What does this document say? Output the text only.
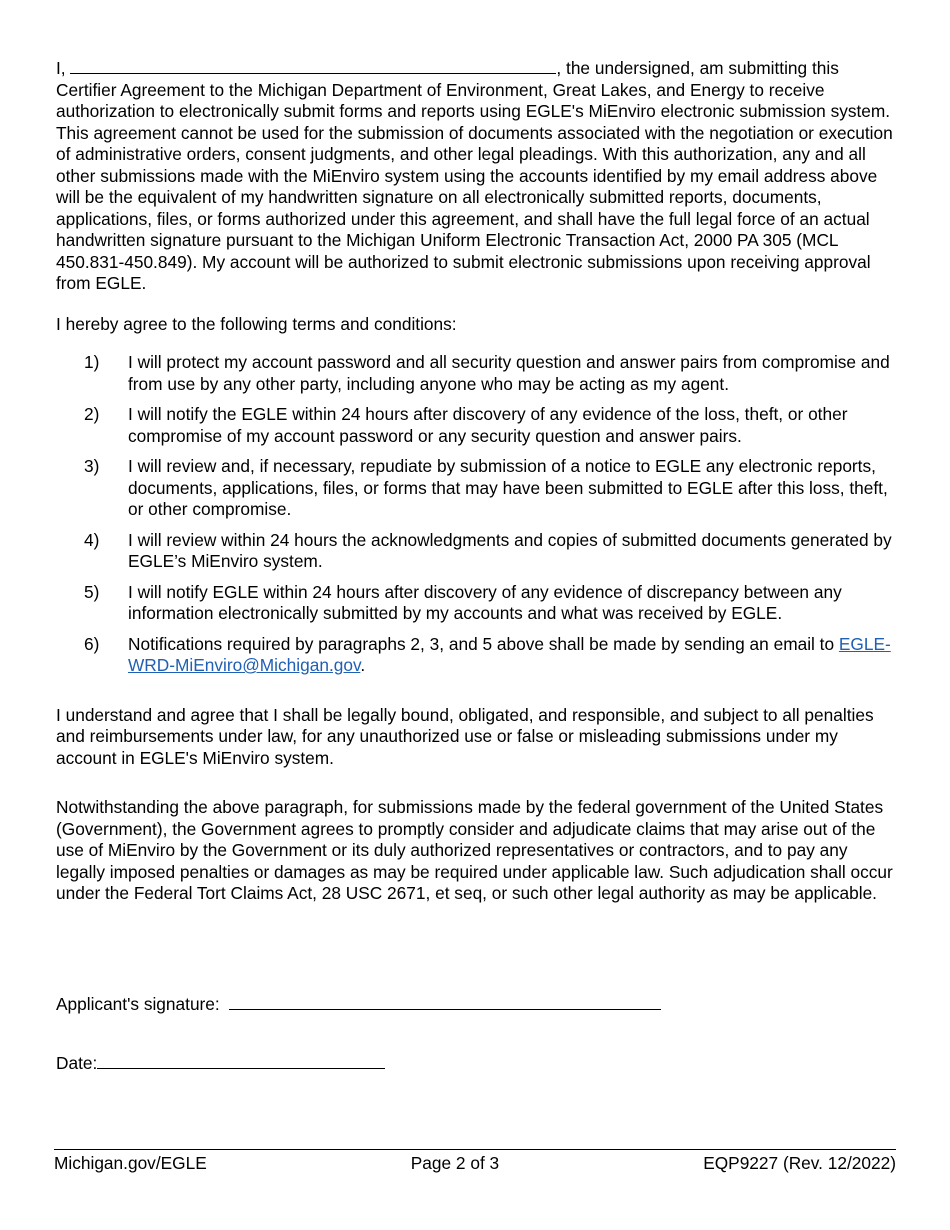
I,	, the undersigned, am submitting this Certifier Agreement to the Michigan Department of Environment, Great Lakes, and Energy to receive authorization to electronically submit forms and reports using EGLE's MiEnviro electronic submission system. This agreement cannot be used for the submission of documents associated with the negotiation or execution of administrative orders, consent judgments, and other legal pleadings. With this authorization, any and all other submissions made with the MiEnviro system using the accounts identified by my email address above will be the equivalent of my handwritten signature on all electronically submitted reports, documents, applications, files, or forms authorized under this agreement, and shall have the full legal force of an actual handwritten signature pursuant to the Michigan Uniform Electronic Transaction Act, 2000 PA 305 (MCL 450.831-450.849). My account will be authorized to submit electronic submissions upon receiving approval from EGLE.

I hereby agree to the following terms and conditions:

1) I will protect my account password and all security question and answer pairs from compromise and from use by any other party, including anyone who may be acting as my agent.
2) I will notify the EGLE within 24 hours after discovery of any evidence of the loss, theft, or other compromise of my account password or any security question and answer pairs.
3) I will review and, if necessary, repudiate by submission of a notice to EGLE any electronic reports, documents, applications, files, or forms that may have been submitted to EGLE after this loss, theft, or other compromise.
4) I will review within 24 hours the acknowledgments and copies of submitted documents generated by EGLE’s MiEnviro system.
5) I will notify EGLE within 24 hours after discovery of any evidence of discrepancy between any information electronically submitted by my accounts and what was received by EGLE.
6) Notifications required by paragraphs 2, 3, and 5 above shall be made by sending an email to EGLE-WRD-MiEnviro@Michigan.gov.

I understand and agree that I shall be legally bound, obligated, and responsible, and subject to all penalties and reimbursements under law, for any unauthorized use or false or misleading submissions under my account in EGLE's MiEnviro system.

Notwithstanding the above paragraph, for submissions made by the federal government of the United States (Government), the Government agrees to promptly consider and adjudicate claims that may arise out of the use of MiEnviro by the Government or its duly authorized representatives or contractors, and to pay any legally imposed penalties or damages as may be required under applicable law. Such adjudication shall occur under the Federal Tort Claims Act, 28 USC 2671, et seq, or such other legal authority as may be applicable.

Applicant's signature:
Date:
Michigan.gov/EGLE	Page 2 of 3	EQP9227 (Rev. 12/2022)
